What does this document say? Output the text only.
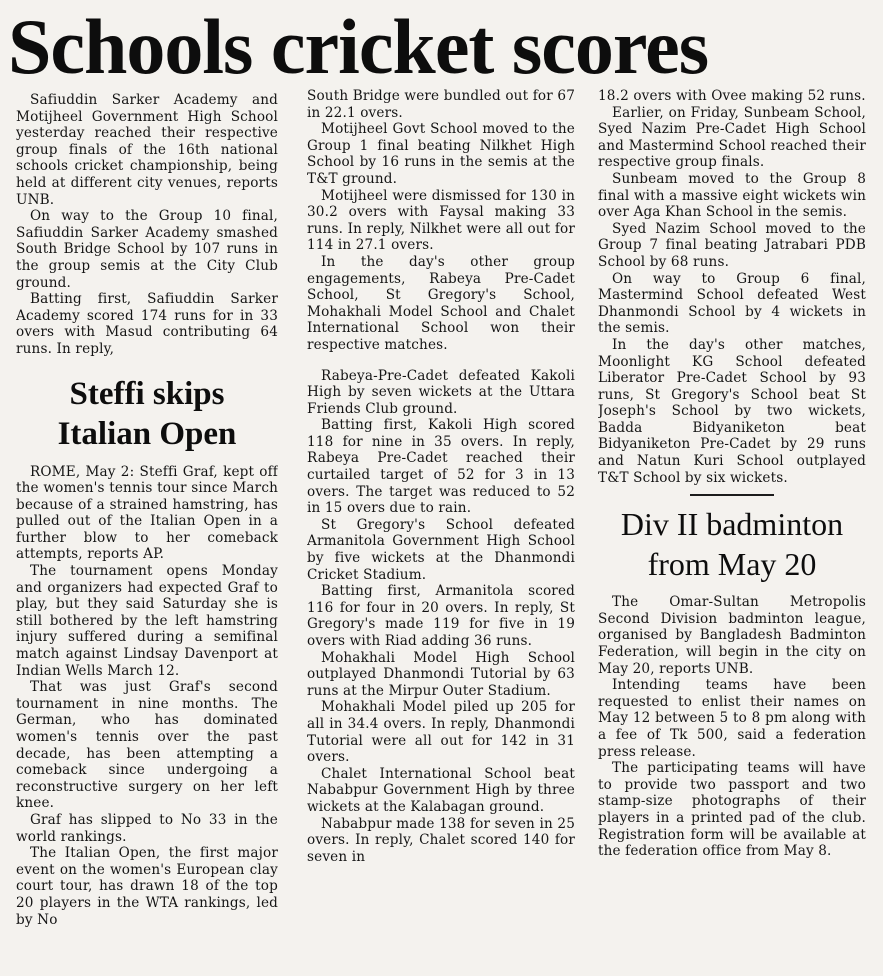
Schools cricket scores

Safiuddin Sarker Academy and Motijheel Government High School yesterday reached their respective group finals of the 16th national schools cricket championship, being held at different city venues, reports UNB.

On way to the Group 10 final, Safiuddin Sarker Academy smashed South Bridge School by 107 runs in the group semis at the City Club ground.

Batting first, Safiuddin Sarker Academy scored 174 runs for in 33 overs with Masud contributing 64 runs. In reply,

Steffi skips
Italian Open

ROME, May 2: Steffi Graf, kept off the women's tennis tour since March because of a strained hamstring, has pulled out of the Italian Open in a further blow to her comeback attempts, reports AP.

The tournament opens Monday and organizers had expected Graf to play, but they said Saturday she is still bothered by the left hamstring injury suffered during a semifinal match against Lindsay Davenport at Indian Wells March 12.

That was just Graf's second tournament in nine months. The German, who has dominated women's tennis over the past decade, has been attempting a comeback since undergoing a reconstructive surgery on her left knee.

Graf has slipped to No 33 in the world rankings.

The Italian Open, the first major event on the women's European clay court tour, has drawn 18 of the top 20 players in the WTA rankings, led by No

South Bridge were bundled out for 67 in 22.1 overs.

Motijheel Govt School moved to the Group 1 final beating Nilkhet High School by 16 runs in the semis at the T&T ground.

Motijheel were dismissed for 130 in 30.2 overs with Faysal making 33 runs. In reply, Nilkhet were all out for 114 in 27.1 overs.

In the day's other group engagements, Rabeya Pre-Cadet School, St Gregory's School, Mohakhali Model School and Chalet International School won their respective matches.

Rabeya-Pre-Cadet defeated Kakoli High by seven wickets at the Uttara Friends Club ground.

Batting first, Kakoli High scored 118 for nine in 35 overs. In reply, Rabeya Pre-Cadet reached their curtailed target of 52 for 3 in 13 overs. The target was reduced to 52 in 15 overs due to rain.

St Gregory's School defeated Armanitola Government High School by five wickets at the Dhanmondi Cricket Stadium.

Batting first, Armanitola scored 116 for four in 20 overs. In reply, St Gregory's made 119 for five in 19 overs with Riad adding 36 runs.

Mohakhali Model High School outplayed Dhanmondi Tutorial by 63 runs at the Mirpur Outer Stadium.

Mohakhali Model piled up 205 for all in 34.4 overs. In reply, Dhanmondi Tutorial were all out for 142 in 31 overs.

Chalet International School beat Nababpur Government High by three wickets at the Kalabagan ground.

Nababpur made 138 for seven in 25 overs. In reply, Chalet scored 140 for seven in

18.2 overs with Ovee making 52 runs.

Earlier, on Friday, Sunbeam School, Syed Nazim Pre-Cadet High School and Mastermind School reached their respective group finals.

Sunbeam moved to the Group 8 final with a massive eight wickets win over Aga Khan School in the semis.

Syed Nazim School moved to the Group 7 final beating Jatrabari PDB School by 68 runs.

On way to Group 6 final, Mastermind School defeated West Dhanmondi School by 4 wickets in the semis.

In the day's other matches, Moonlight KG School defeated Liberator Pre-Cadet School by 93 runs, St Gregory's School beat St Joseph's School by two wickets, Badda Bidyaniketon beat Bidyaniketon Pre-Cadet by 29 runs and Natun Kuri School outplayed T&T School by six wickets.

Div II badminton
from May 20

The Omar-Sultan Metropolis Second Division badminton league, organised by Bangladesh Badminton Federation, will begin in the city on May 20, reports UNB.

Intending teams have been requested to enlist their names on May 12 between 5 to 8 pm along with a fee of Tk 500, said a federation press release.

The participating teams will have to provide two passport and two stamp-size photographs of their players in a printed pad of the club. Registration form will be available at the federation office from May 8.
